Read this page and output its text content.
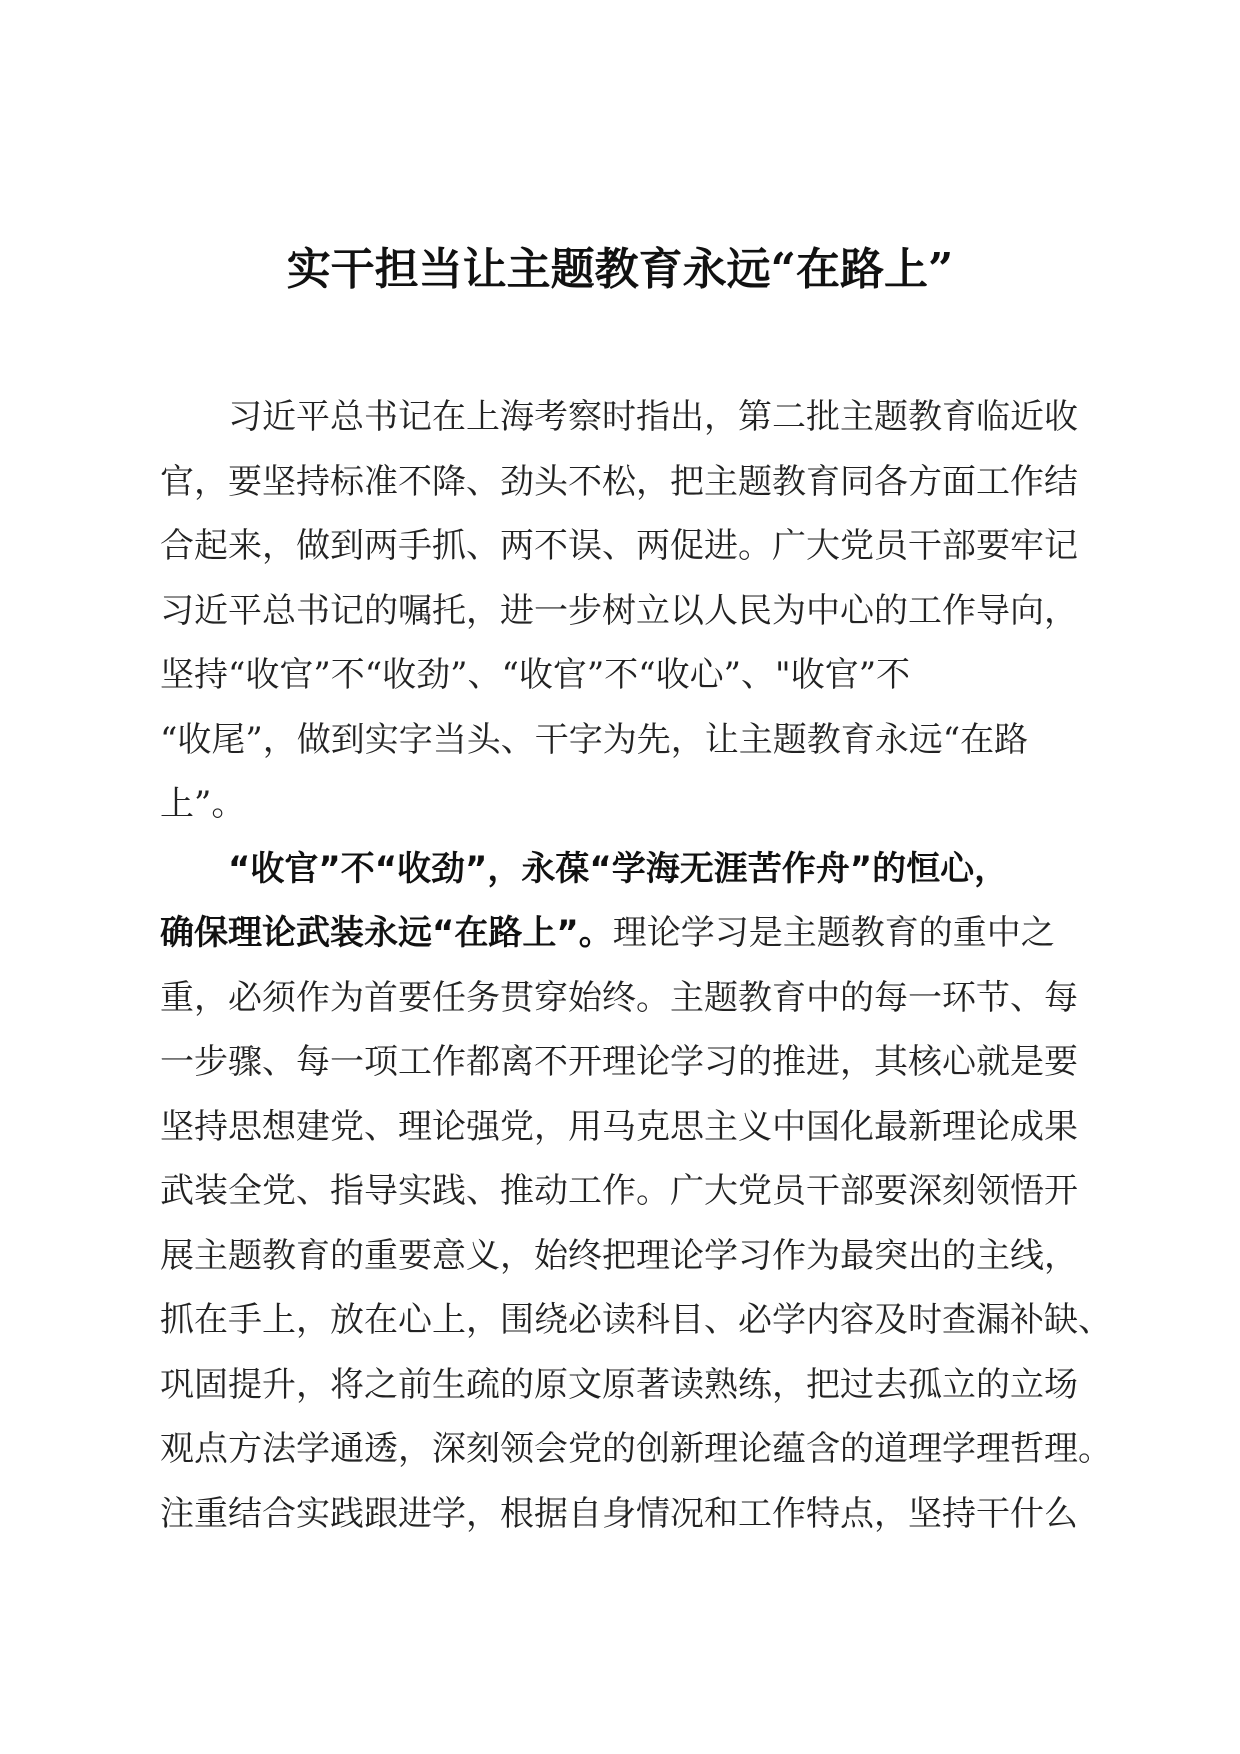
实干担当让主题教育永远“在路上”
　　习近平总书记在上海考察时指出，第二批主题教育临近收
官，要坚持标准不降、劲头不松，把主题教育同各方面工作结
合起来，做到两手抓、两不误、两促进。广大党员干部要牢记
习近平总书记的嘱托，进一步树立以人民为中心的工作导向，
坚持“收官”不“收劲”、“收官”不“收心”、"收官”不
“收尾”，做到实字当头、干字为先，让主题教育永远“在路
上”。
　　“收官”不“收劲”，永葆“学海无涯苦作舟”的恒心，
确保理论武装永远“在路上”。理论学习是主题教育的重中之
重，必须作为首要任务贯穿始终。主题教育中的每一环节、每
一步骤、每一项工作都离不开理论学习的推进，其核心就是要
坚持思想建党、理论强党，用马克思主义中国化最新理论成果
武装全党、指导实践、推动工作。广大党员干部要深刻领悟开
展主题教育的重要意义，始终把理论学习作为最突出的主线，
抓在手上，放在心上，围绕必读科目、必学内容及时查漏补缺、
巩固提升，将之前生疏的原文原著读熟练，把过去孤立的立场
观点方法学通透，深刻领会党的创新理论蕴含的道理学理哲理。
注重结合实践跟进学，根据自身情况和工作特点，坚持干什么
